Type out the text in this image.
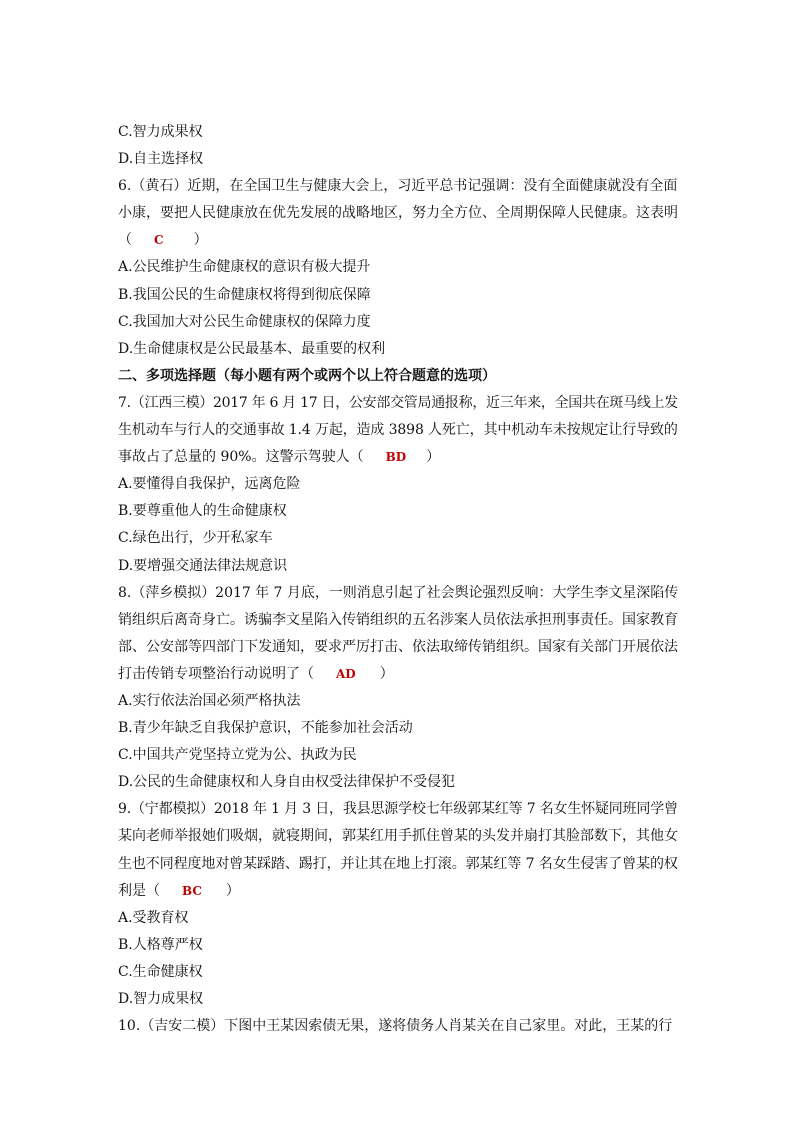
C.智力成果权
D.自主选择权
6.（黄石）近期，在全国卫生与健康大会上，习近平总书记强调：没有全面健康就没有全面
小康，要把人民健康放在优先发展的战略地区，努力全方位、全周期保障人民健康。这表明
（ C ）
A.公民维护生命健康权的意识有极大提升
B.我国公民的生命健康权将得到彻底保障
C.我国加大对公民生命健康权的保障力度
D.生命健康权是公民最基本、最重要的权利
二、多项选择题（每小题有两个或两个以上符合题意的选项）
7.（江西三模）2017 年 6 月 17 日，公安部交管局通报称，近三年来，全国共在斑马线上发
生机动车与行人的交通事故 1.4 万起，造成 3898 人死亡，其中机动车未按规定让行导致的
事故占了总量的 90%。这警示驾驶人（ BD ）
A.要懂得自我保护，远离危险
B.要尊重他人的生命健康权
C.绿色出行，少开私家车
D.要增强交通法律法规意识
8.（萍乡模拟）2017 年 7 月底，一则消息引起了社会舆论强烈反响：大学生李文星深陷传
销组织后离奇身亡。诱骗李文星陷入传销组织的五名涉案人员依法承担刑事责任。国家教育
部、公安部等四部门下发通知，要求严厉打击、依法取缔传销组织。国家有关部门开展依法
打击传销专项整治行动说明了（ AD ）
A.实行依法治国必须严格执法
B.青少年缺乏自我保护意识，不能参加社会活动
C.中国共产党坚持立党为公、执政为民
D.公民的生命健康权和人身自由权受法律保护不受侵犯
9.（宁都模拟）2018 年 1 月 3 日，我县思源学校七年级郭某红等 7 名女生怀疑同班同学曾
某向老师举报她们吸烟，就寝期间，郭某红用手抓住曾某的头发并扇打其脸部数下，其他女
生也不同程度地对曾某踩踏、踢打，并让其在地上打滚。郭某红等 7 名女生侵害了曾某的权
利是（ BC ）
A.受教育权
B.人格尊严权
C.生命健康权
D.智力成果权
10.（吉安二模）下图中王某因索债无果，遂将债务人肖某关在自己家里。对此，王某的行
